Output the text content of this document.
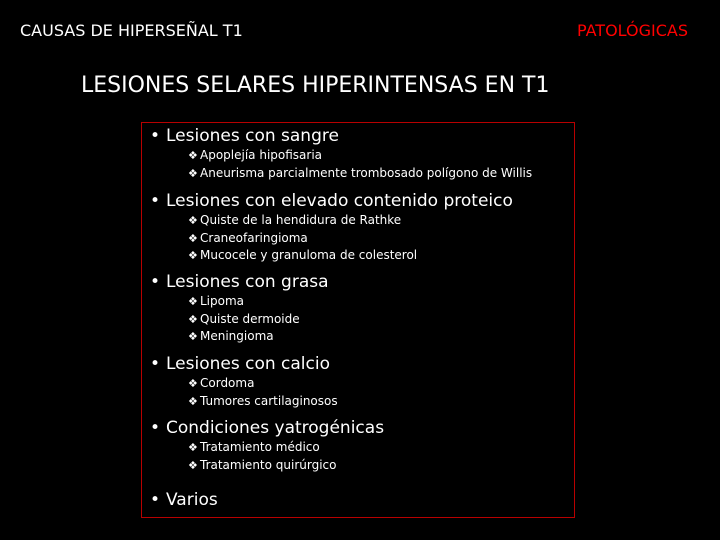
CAUSAS DE HIPERSEÑAL T1	PATOLÓGICAS
LESIONES SELARES HIPERINTENSAS EN T1
• Lesiones con sangre
❖ Apoplejía hipofisaria
❖ Aneurisma parcialmente trombosado polígono de Willis
• Lesiones con elevado contenido proteico
❖ Quiste de la hendidura de Rathke
❖ Craneofaringioma
❖ Mucocele y granuloma de colesterol
• Lesiones con grasa
❖ Lipoma
❖ Quiste dermoide
❖ Meningioma
• Lesiones con calcio
❖ Cordoma
❖ Tumores cartilaginosos
• Condiciones yatrogénicas
❖ Tratamiento médico
❖ Tratamiento quirúrgico
• Varios
